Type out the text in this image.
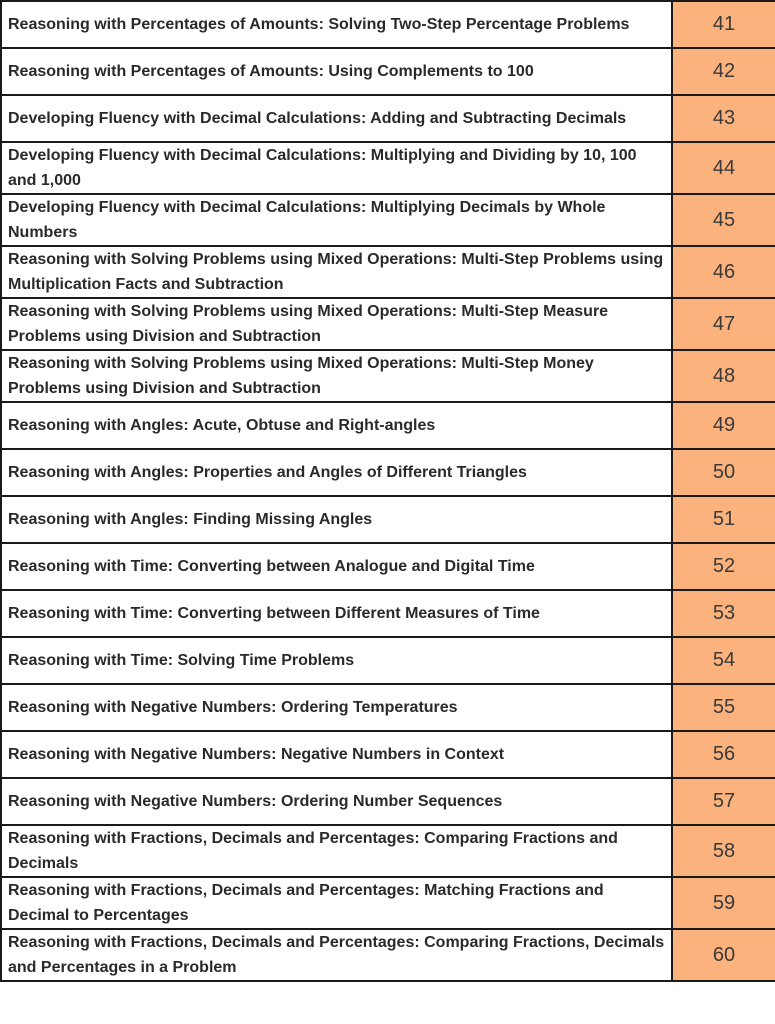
Reasoning with Percentages of Amounts: Solving Two-Step Percentage Problems	41
Reasoning with Percentages of Amounts: Using Complements to 100	42
Developing Fluency with Decimal Calculations: Adding and Subtracting Decimals	43
Developing Fluency with Decimal Calculations: Multiplying and Dividing by 10, 100 and 1,000	44
Developing Fluency with Decimal Calculations: Multiplying Decimals by Whole Numbers	45
Reasoning with Solving Problems using Mixed Operations: Multi-Step Problems using Multiplication Facts and Subtraction	46
Reasoning with Solving Problems using Mixed Operations: Multi-Step Measure Problems using Division and Subtraction	47
Reasoning with Solving Problems using Mixed Operations: Multi-Step Money Problems using Division and Subtraction	48
Reasoning with Angles: Acute, Obtuse and Right-angles	49
Reasoning with Angles: Properties and Angles of Different Triangles	50
Reasoning with Angles: Finding Missing Angles	51
Reasoning with Time: Converting between Analogue and Digital Time	52
Reasoning with Time: Converting between Different Measures of Time	53
Reasoning with Time: Solving Time Problems	54
Reasoning with Negative Numbers: Ordering Temperatures	55
Reasoning with Negative Numbers: Negative Numbers in Context	56
Reasoning with Negative Numbers: Ordering Number Sequences	57
Reasoning with Fractions, Decimals and Percentages: Comparing Fractions and Decimals	58
Reasoning with Fractions, Decimals and Percentages: Matching Fractions and Decimal to Percentages	59
Reasoning with Fractions, Decimals and Percentages: Comparing Fractions, Decimals and Percentages in a Problem	60
